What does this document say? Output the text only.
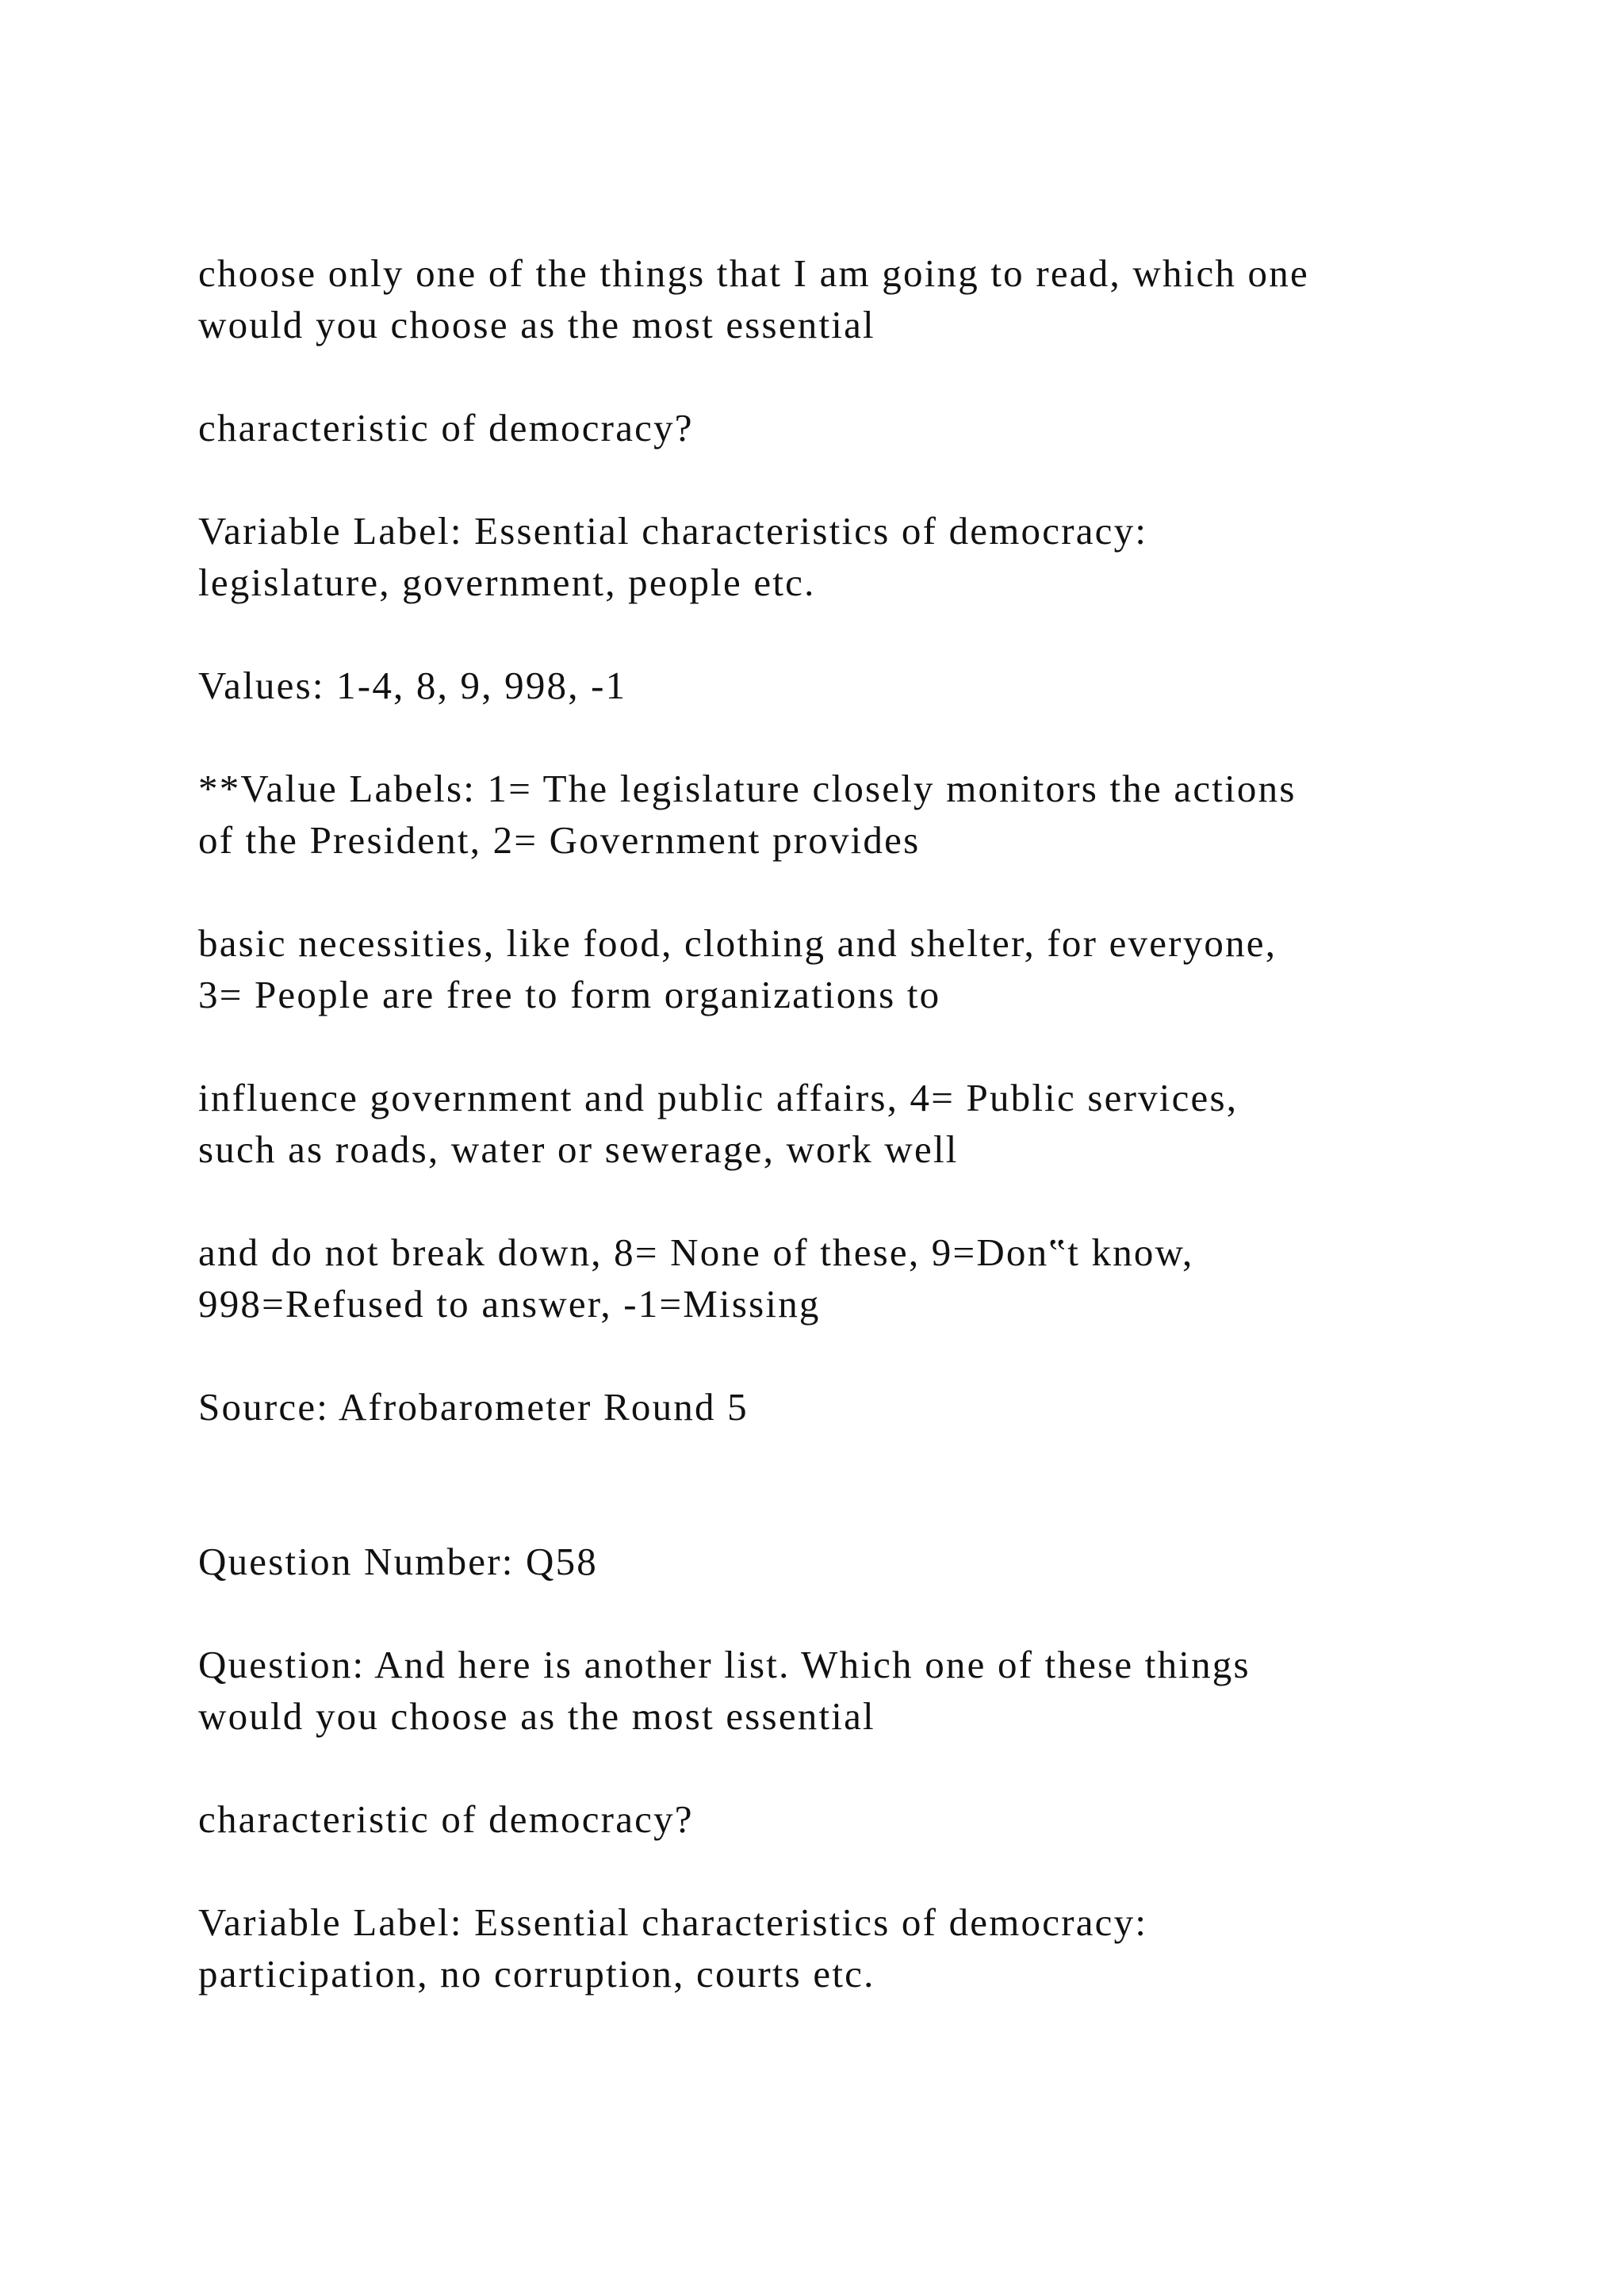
choose only one of the things that I am going to read, which one
would you choose as the most essential

characteristic of democracy?

Variable Label: Essential characteristics of democracy:
legislature, government, people etc.

Values: 1-4, 8, 9, 998, -1

**Value Labels: 1= The legislature closely monitors the actions
of the President, 2= Government provides

basic necessities, like food, clothing and shelter, for everyone,
3= People are free to form organizations to

influence government and public affairs, 4= Public services,
such as roads, water or sewerage, work well

and do not break down, 8= None of these, 9=Don‟t know,
998=Refused to answer, -1=Missing

Source: Afrobarometer Round 5

Question Number: Q58

Question: And here is another list. Which one of these things
would you choose as the most essential

characteristic of democracy?

Variable Label: Essential characteristics of democracy:
participation, no corruption, courts etc.
